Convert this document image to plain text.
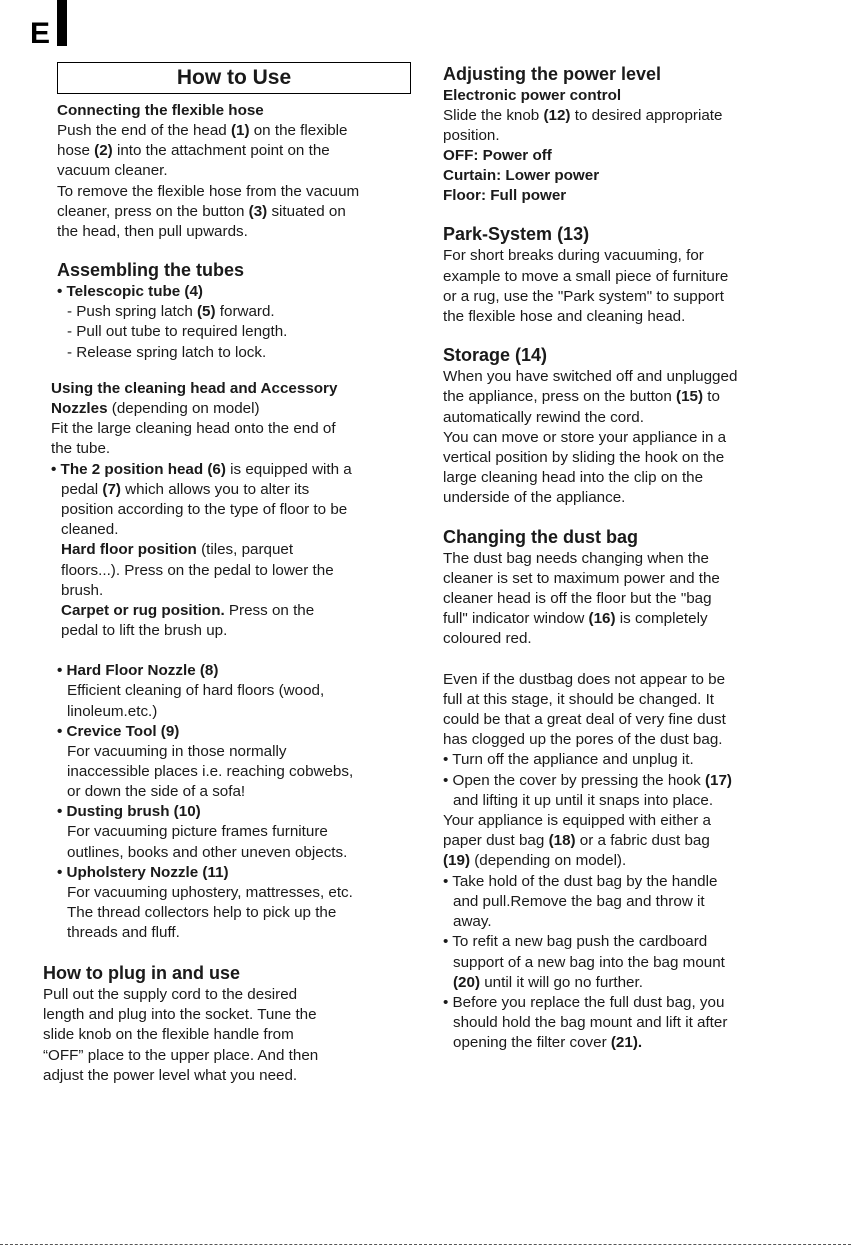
E
How to Use

Connecting the flexible hose

Push the end of the head (1) on the flexible

hose (2) into the attachment point on the

vacuum cleaner.

To remove the flexible hose from the vacuum

cleaner, press on the button (3) situated on

the head, then pull upwards.

Assembling the tubes

• Telescopic tube (4)

- Push spring latch (5) forward.

- Pull out tube to required length.

- Release spring latch to lock.

Using the cleaning head and Accessory

Nozzles (depending on model)

Fit the large cleaning head onto the end of

the tube.

• The 2 position head (6) is equipped with a

pedal (7) which allows you to alter its

position according to the type of floor to be

cleaned.

Hard floor position (tiles, parquet

floors...). Press on the pedal to lower the

brush.

Carpet or rug position. Press on the

pedal to lift the brush up.

• Hard Floor Nozzle (8)

Efficient cleaning of hard floors (wood,

linoleum.etc.)

• Crevice Tool (9)

For vacuuming in those normally

inaccessible places i.e. reaching cobwebs,

or down the side of a sofa!

• Dusting brush (10)

For vacuuming picture frames furniture

outlines, books and other uneven objects.

• Upholstery Nozzle (11)

For vacuuming uphostery, mattresses, etc.

The thread collectors help to pick up the

threads and fluff.

How to plug in and use

Pull out the supply cord to the desired

length and plug into the socket. Tune the

slide knob on the flexible handle from

“OFF” place to the upper place. And then

adjust the power level what you need.

Adjusting the power level

Electronic power control

Slide the knob (12) to desired appropriate

position.

OFF: Power off

Curtain: Lower power

Floor: Full power

Park-System (13)

For short breaks during vacuuming, for

example to move a small piece of furniture

or a rug, use the "Park system" to support

the flexible hose and cleaning head.

Storage (14)

When you have switched off and unplugged

the appliance, press on the button (15) to

automatically rewind the cord.

You can move or store your appliance in a

vertical position by sliding the hook on the

large cleaning head into the clip on the

underside of the appliance.

Changing the dust bag

The dust bag needs changing when the

cleaner is set to maximum power and the

cleaner head is off the floor but the "bag

full" indicator window (16) is completely

coloured red.

Even if the dustbag does not appear to be

full at this stage, it should be changed. It

could be that a great deal of very fine dust

has clogged up the pores of the dust bag.

• Turn off the appliance and unplug it.

• Open the cover by pressing the hook (17)

and lifting it up until it snaps into place.

Your appliance is equipped with either a

paper dust bag (18) or a fabric dust bag

(19) (depending on model).

• Take hold of the dust bag by the handle

and pull.Remove the bag and throw it

away.

• To refit a new bag push the cardboard

support of a new bag into the bag mount

(20) until it will go no further.

• Before you replace the full dust bag, you

should hold the bag mount and lift it after

opening the filter cover (21).
